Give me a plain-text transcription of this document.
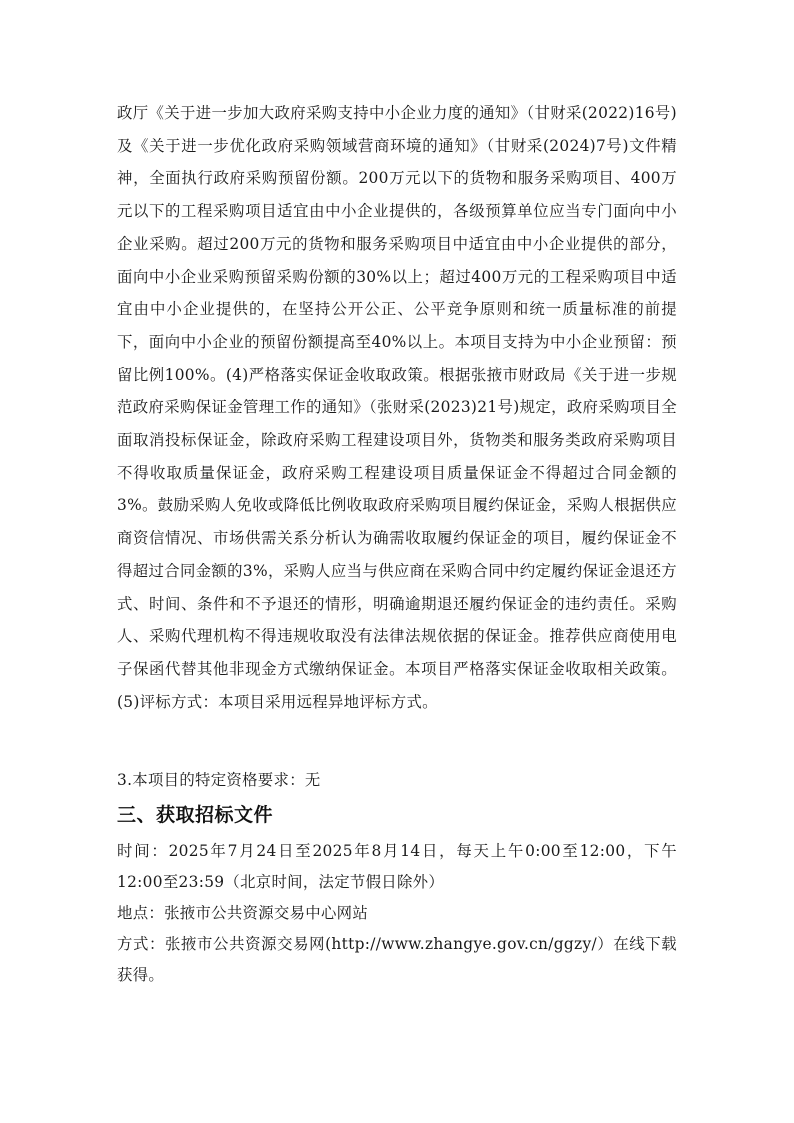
政厅《关于进一步加大政府采购支持中小企业力度的通知》（甘财采(2022)16号)及《关于进一步优化政府采购领域营商环境的通知》（甘财采(2024)7号)文件精神，全面执行政府采购预留份额。200万元以下的货物和服务采购项目、400万元以下的工程采购项目适宜由中小企业提供的，各级预算单位应当专门面向中小企业采购。超过200万元的货物和服务采购项目中适宜由中小企业提供的部分，面向中小企业采购预留采购份额的30%以上；超过400万元的工程采购项目中适宜由中小企业提供的，在坚持公开公正、公平竞争原则和统一质量标准的前提下，面向中小企业的预留份额提高至40%以上。本项目支持为中小企业预留：预留比例100%。(4)严格落实保证金收取政策。根据张掖市财政局《关于进一步规范政府采购保证金管理工作的通知》（张财采(2023)21号)规定，政府采购项目全面取消投标保证金，除政府采购工程建设项目外，货物类和服务类政府采购项目不得收取质量保证金，政府采购工程建设项目质量保证金不得超过合同金额的3%。鼓励采购人免收或降低比例收取政府采购项目履约保证金，采购人根据供应商资信情况、市场供需关系分析认为确需收取履约保证金的项目，履约保证金不得超过合同金额的3%，采购人应当与供应商在采购合同中约定履约保证金退还方式、时间、条件和不予退还的情形，明确逾期退还履约保证金的违约责任。采购人、采购代理机构不得违规收取没有法律法规依据的保证金。推荐供应商使用电子保函代替其他非现金方式缴纳保证金。本项目严格落实保证金收取相关政策。(5)评标方式：本项目采用远程异地评标方式。
3.本项目的特定资格要求：无
三、获取招标文件

时间：2025年7月24日至2025年8月14日，每天上午0:00至12:00，下午12:00至23:59（北京时间，法定节假日除外）

地点：张掖市公共资源交易中心网站

方式：张掖市公共资源交易网(http://www.zhangye.gov.cn/ggzy/）在线下载获得。
